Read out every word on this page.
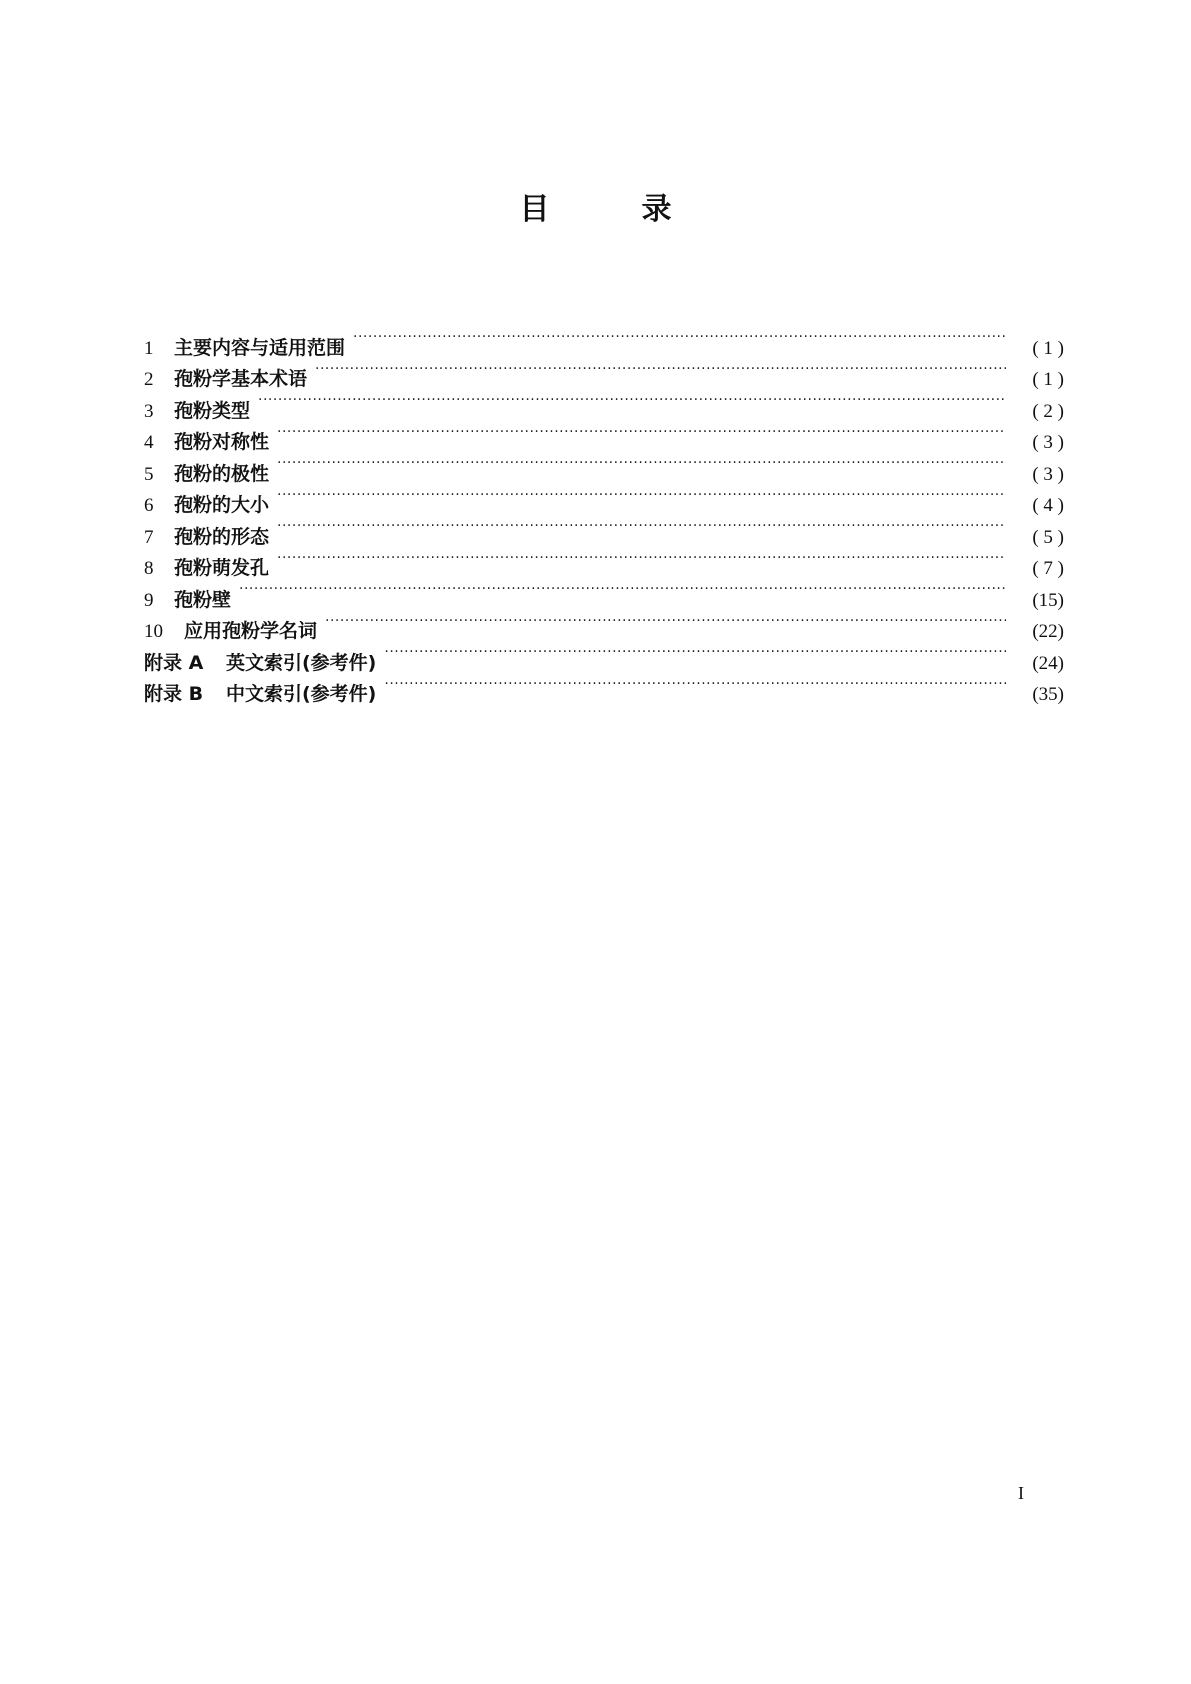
目	录
1	主要内容与适用范围 ·····	( 1 )
2	孢粉学基本术语 ·····	( 1 )
3	孢粉类型 ·····	( 2 )
4	孢粉对称性 ·····	( 3 )
5	孢粉的极性 ·····	( 3 )
6	孢粉的大小 ·····	( 4 )
7	孢粉的形态 ·····	( 5 )
8	孢粉萌发孔 ·····	( 7 )
9	孢粉壁 ·····	(15)
10	应用孢粉学名词 ·····	(22)
附录 A	英文索引(参考件) ·····	(24)
附录 B	中文索引(参考件) ·····	(35)
I
